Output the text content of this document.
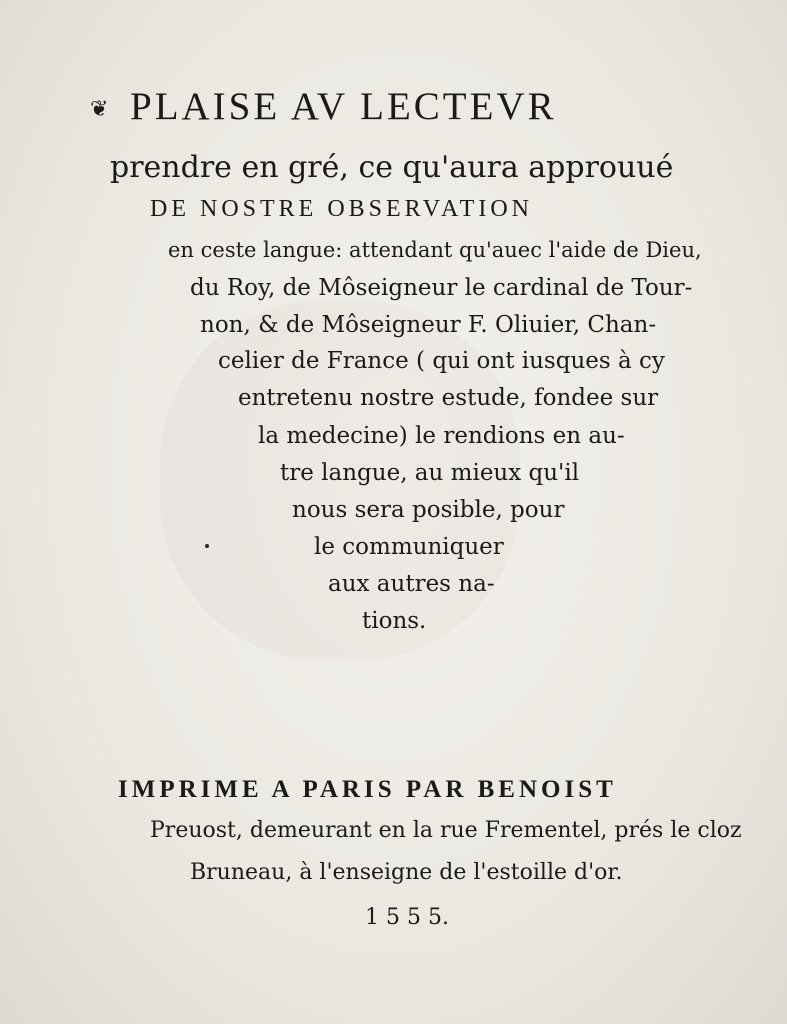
❦ PLAISE AV LECTEVR
prendre en gré, ce qu'aura approuué
DE NOSTRE OBSERVATION
en ceste langue: attendant qu'auec l'aide de Dieu,
du Roy, de Môseigneur le cardinal de Tour-
non, & de Môseigneur F. Oliuier, Chan-
celier de France ( qui ont iusques à cy
entretenu nostre estude, fondee sur
la medecine) le rendions en au-
tre langue, au mieux qu'il
nous sera posible, pour
le communiquer
aux autres na-
tions.
IMPRIME A PARIS PAR BENOIST
Preuost, demeurant en la rue Frementel, prés le cloz
Bruneau, à l'enseigne de l'estoille d'or.
1 5 5 5.
